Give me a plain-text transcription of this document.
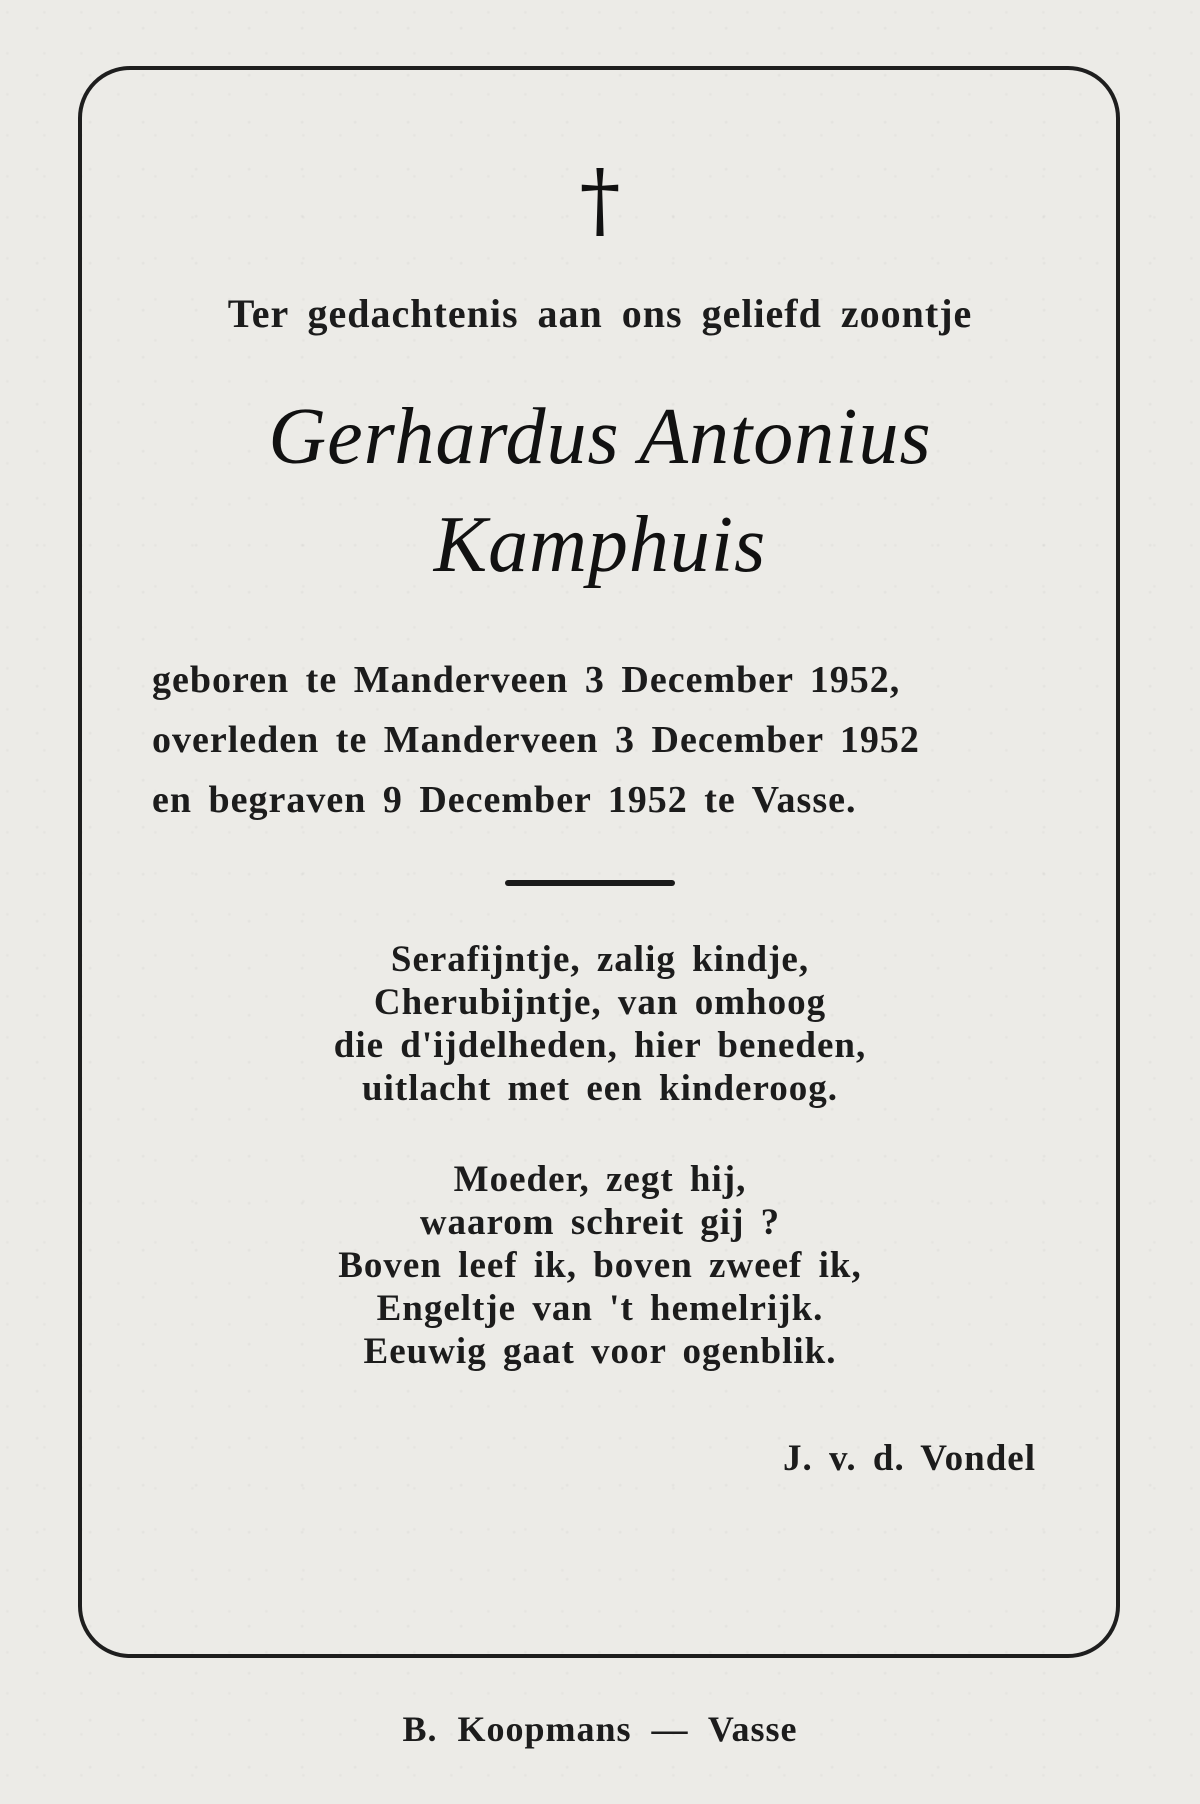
†
Ter gedachtenis aan ons geliefd zoontje
Gerhardus Antonius
Kamphuis
geboren te Manderveen 3 December 1952,
overleden te Manderveen 3 December 1952
en begraven 9 December 1952 te Vasse.
Serafijntje, zalig kindje,
Cherubijntje, van omhoog
die d'ijdelheden, hier beneden,
uitlacht met een kinderoog.
Moeder, zegt hij,
waarom schreit gij ?
Boven leef ik, boven zweef ik,
Engeltje van 't hemelrijk.
Eeuwig gaat voor ogenblik.
J. v. d. Vondel
B. Koopmans — Vasse
